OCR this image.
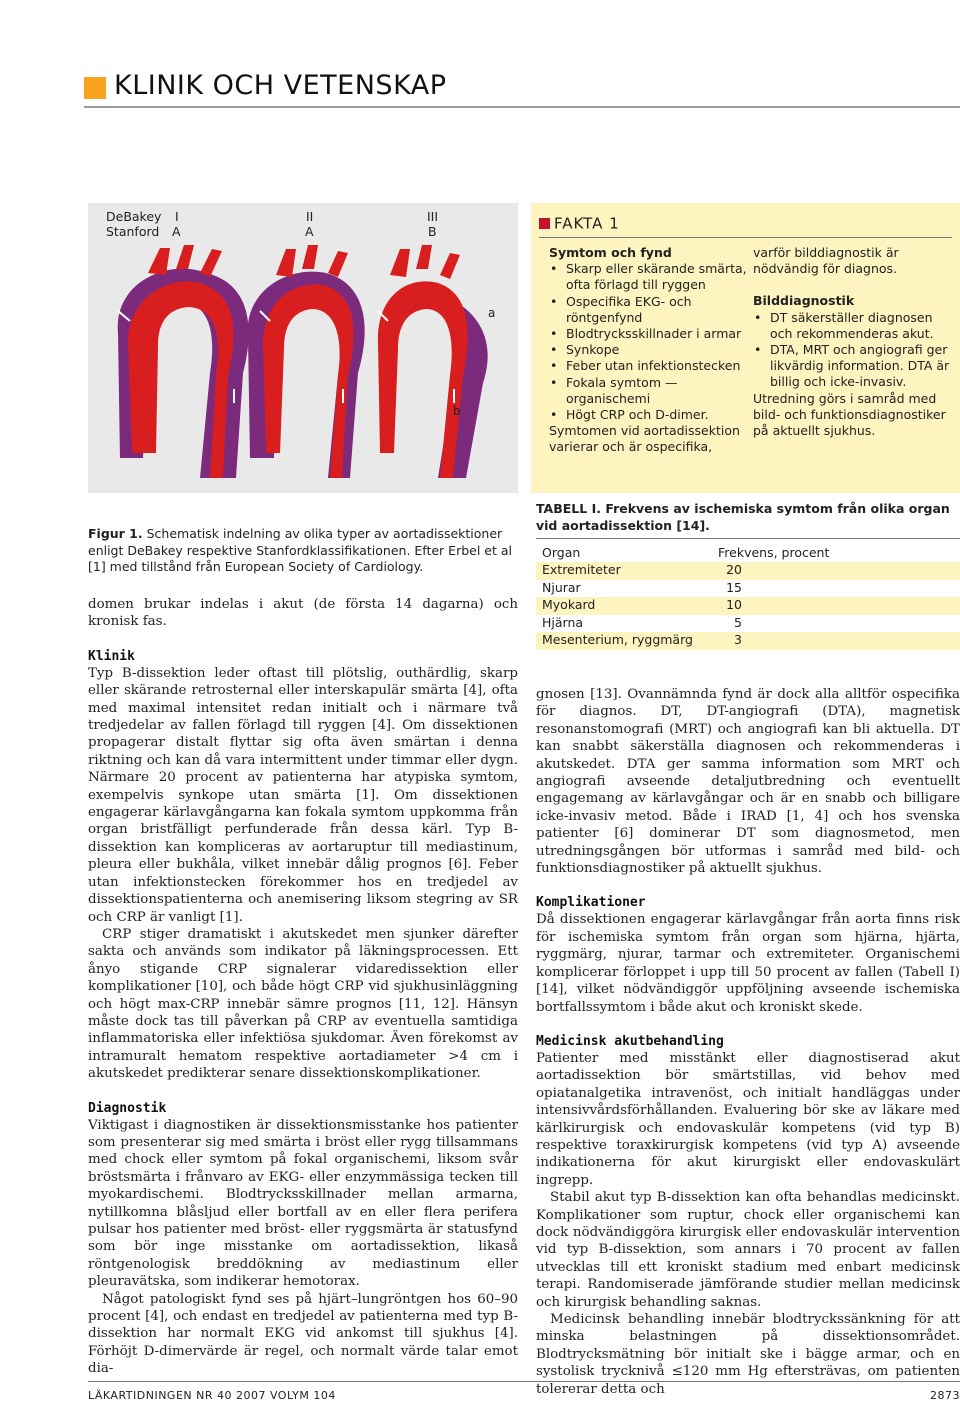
KLINIK OCH VETENSKAP
DeBakey
Stanford
I
A
II
A
III
B
a
b
FAKTA 1
Symtom och fynd
• Skarp eller skärande smärta, ofta förlagd till ryggen
• Ospecifika EKG- och röntgenfynd
• Blodtrycksskillnader i armar
• Synkope
• Feber utan infektionstecken
• Fokala symtom — organischemi
• Högt CRP och D-dimer.
Symtomen vid aortadissektion varierar och är ospecifika,
varför bilddiagnostik är nödvändig för diagnos.
Bilddiagnostik
• DT säkerställer diagnosen och rekommenderas akut.
• DTA, MRT och angiografi ger likvärdig information. DTA är billig och icke-invasiv.
Utredning görs i samråd med bild- och funktionsdiagnostiker på aktuellt sjukhus.
Figur 1. Schematisk indelning av olika typer av aortadissektioner enligt DeBakey respektive Stanfordklassifikationen. Efter Erbel et al [1] med tillstånd från European Society of Cardiology.
TABELL I. Frekvens av ischemiska symtom från olika organ vid aortadissektion [14].
Organ	Frekvens, procent
Extremiteter	20
Njurar	15
Myokard	10
Hjärna	5
Mesenterium, ryggmärg	3

domen brukar indelas i akut (de första 14 dagarna) och kronisk fas.

Klinik

Typ B-dissektion leder oftast till plötslig, outhärdlig, skarp eller skärande retrosternal eller interskapulär smärta [4], ofta med maximal intensitet redan initialt och i närmare två tredjedelar av fallen förlagd till ryggen [4]. Om dissektionen propagerar distalt flyttar sig ofta även smärtan i denna riktning och kan då vara intermittent under timmar eller dygn. Närmare 20 procent av patienterna har atypiska symtom, exempelvis synkope utan smärta [1]. Om dissektionen engagerar kärlavgångarna kan fokala symtom uppkomma från organ bristfälligt perfunderade från dessa kärl. Typ B-dissektion kan kompliceras av aortaruptur till mediastinum, pleura eller bukhåla, vilket innebär dålig prognos [6]. Feber utan infektionstecken förekommer hos en tredjedel av dissektionspatienterna och anemisering liksom stegring av SR och CRP är vanligt [1].

CRP stiger dramatiskt i akutskedet men sjunker därefter sakta och används som indikator på läkningsprocessen. Ett ånyo stigande CRP signalerar vidaredissektion eller komplikationer [10], och både högt CRP vid sjukhusinläggning och högt max-CRP innebär sämre prognos [11, 12]. Hänsyn måste dock tas till påverkan på CRP av eventuella samtidiga inflammatoriska eller infektiösa sjukdomar. Även förekomst av intramuralt hematom respektive aortadiameter >4 cm i akutskedet predikterar senare dissektionskomplikationer.

Diagnostik

Viktigast i diagnostiken är dissektionsmisstanke hos patienter som presenterar sig med smärta i bröst eller rygg tillsammans med chock eller symtom på fokal organischemi, liksom svår bröstsmärta i frånvaro av EKG- eller enzymmässiga tecken till myokardischemi. Blodtrycksskillnader mellan armarna, nytillkomna blåsljud eller bortfall av en eller flera perifera pulsar hos patienter med bröst- eller ryggsmärta är statusfynd som bör inge misstanke om aortadissektion, likaså röntgenologisk breddökning av mediastinum eller pleuravätska, som indikerar hemotorax.

Något patologiskt fynd ses på hjärt–lungröntgen hos 60–90 procent [4], och endast en tredjedel av patienterna med typ B-dissektion har normalt EKG vid ankomst till sjukhus [4]. Förhöjt D-dimervärde är regel, och normalt värde talar emot dia-

gnosen [13]. Ovannämnda fynd är dock alla alltför ospecifika för diagnos. DT, DT-angiografi (DTA), magnetisk resonanstomografi (MRT) och angiografi kan bli aktuella. DT kan snabbt säkerställa diagnosen och rekommenderas i akutskedet. DTA ger samma information som MRT och angiografi avseende detaljutbredning och eventuellt engagemang av kärlavgångar och är en snabb och billigare icke-invasiv metod. Både i IRAD [1, 4] och hos svenska patienter [6] dominerar DT som diagnosmetod, men utredningsgången bör utformas i samråd med bild- och funktionsdiagnostiker på aktuellt sjukhus.

Komplikationer

Då dissektionen engagerar kärlavgångar från aorta finns risk för ischemiska symtom från organ som hjärna, hjärta, ryggmärg, njurar, tarmar och extremiteter. Organischemi komplicerar förloppet i upp till 50 procent av fallen (Tabell I) [14], vilket nödvändiggör uppföljning avseende ischemiska bortfallssymtom i både akut och kroniskt skede.

Medicinsk akutbehandling

Patienter med misstänkt eller diagnostiserad akut aortadissektion bör smärtstillas, vid behov med opiatanalgetika intravenöst, och initialt handläggas under intensivvårdsförhållanden. Evaluering bör ske av läkare med kärlkirurgisk och endovaskulär kompetens (vid typ B) respektive toraxkirurgisk kompetens (vid typ A) avseende indikationerna för akut kirurgiskt eller endovaskulärt ingrepp.

Stabil akut typ B-dissektion kan ofta behandlas medicinskt. Komplikationer som ruptur, chock eller organischemi kan dock nödvändiggöra kirurgisk eller endovaskulär intervention vid typ B-dissektion, som annars i 70 procent av fallen utvecklas till ett kroniskt stadium med enbart medicinsk terapi. Randomiserade jämförande studier mellan medicinsk och kirurgisk behandling saknas.

Medicinsk behandling innebär blodtryckssänkning för att minska belastningen på dissektionsområdet. Blodtrycksmätning bör initialt ske i bägge armar, och en systolisk trycknivå ≤120 mm Hg eftersträvas, om patienten tolererar detta och

LÄKARTIDNINGEN NR 40 2007 VOLYM 104	2873
